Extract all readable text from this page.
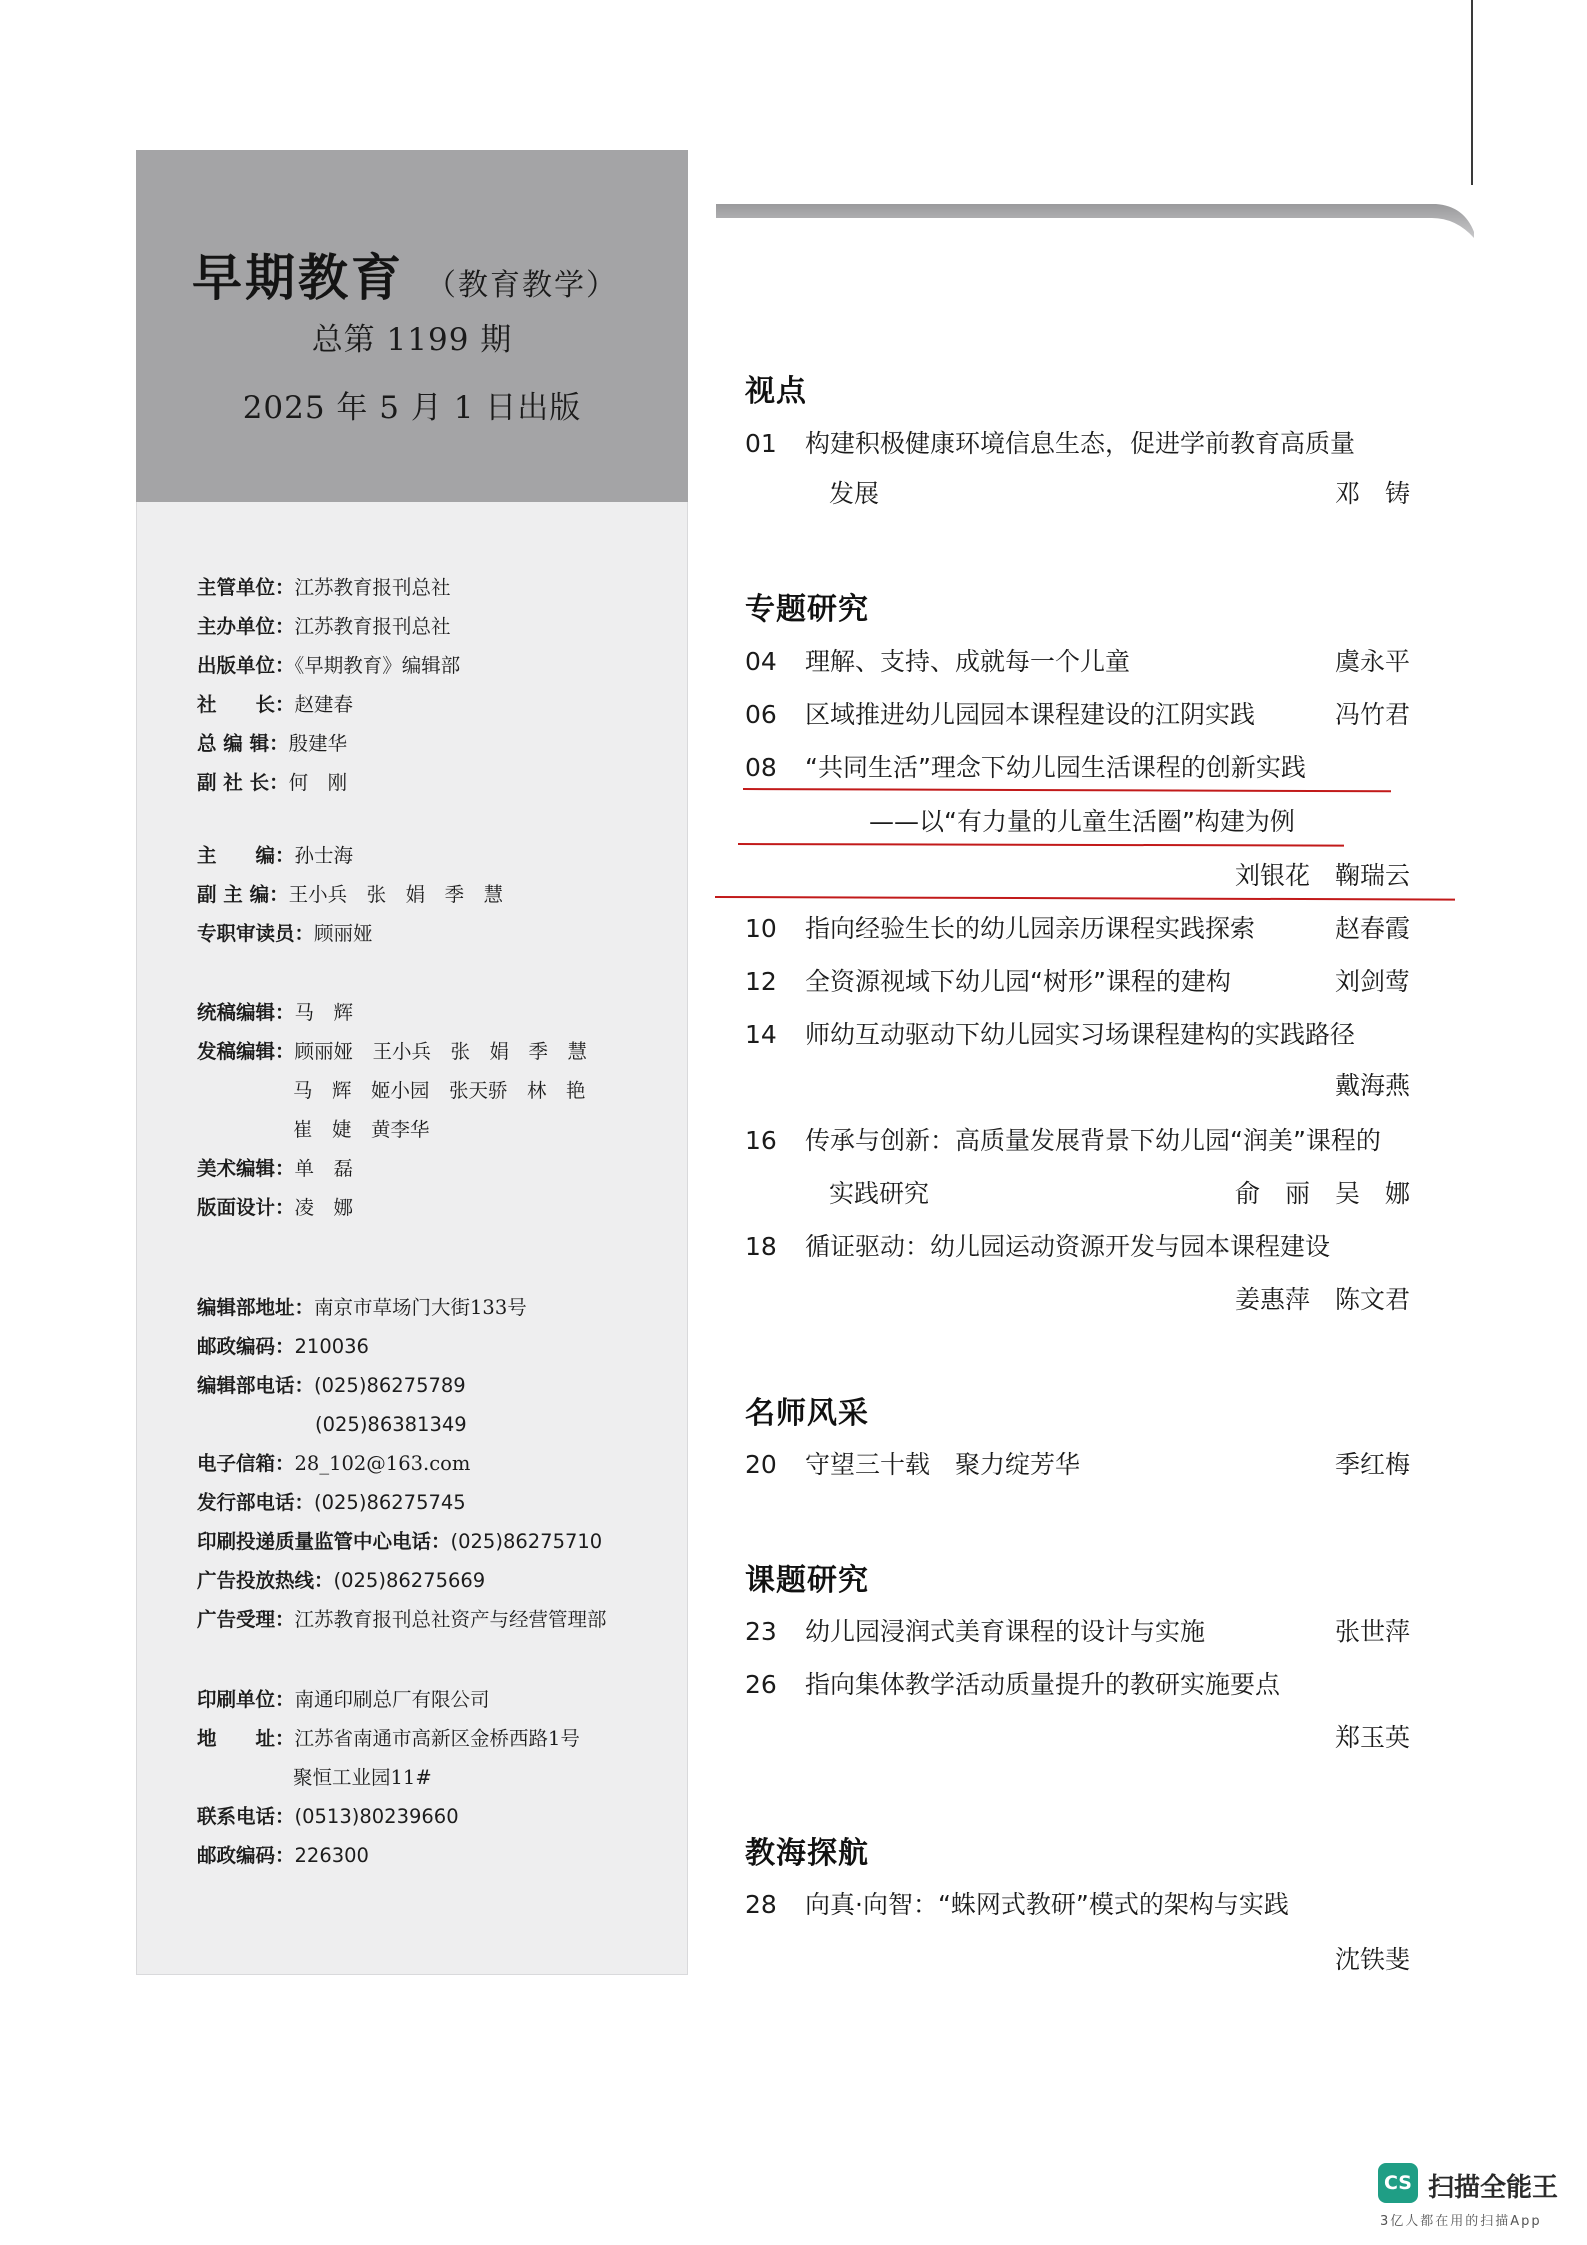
早期教育 （教育教学）
总第 1199 期
2025 年 5 月 1 日出版
主管单位：江苏教育报刊总社
主办单位：江苏教育报刊总社
出版单位：《早期教育》编辑部
社　　长：赵建春
总 编 辑：殷建华
副 社 长：何　刚
主　　编：孙士海
副 主 编：王小兵　张　娟　季　慧
专职审读员：顾丽娅
统稿编辑：马　辉
发稿编辑：顾丽娅　王小兵　张　娟　季　慧
马　辉　姬小园　张天骄　林　艳
崔　婕　黄李华
美术编辑：单　磊
版面设计：凌　娜
编辑部地址：南京市草场门大街133号
邮政编码：210036
编辑部电话：(025)86275789
(025)86381349
电子信箱：28_102@163.com
发行部电话：(025)86275745
印刷投递质量监管中心电话：(025)86275710
广告投放热线：(025)86275669
广告受理：江苏教育报刊总社资产与经营管理部
印刷单位：南通印刷总厂有限公司
地　　址：江苏省南通市高新区金桥西路1号
聚恒工业园11#
联系电话：(0513)80239660
邮政编码：226300
视点
01 构建积极健康环境信息生态，促进学前教育高质量
发展	邓　铸
专题研究
04 理解、支持、成就每一个儿童	虞永平
06 区域推进幼儿园园本课程建设的江阴实践	冯竹君
08 “共同生活”理念下幼儿园生活课程的创新实践
——以“有力量的儿童生活圈”构建为例
刘银花　鞠瑞云
10 指向经验生长的幼儿园亲历课程实践探索	赵春霞
12 全资源视域下幼儿园“树形”课程的建构	刘剑莺
14 师幼互动驱动下幼儿园实习场课程建构的实践路径
戴海燕
16 传承与创新：高质量发展背景下幼儿园“润美”课程的
实践研究	俞　丽　吴　娜
18 循证驱动：幼儿园运动资源开发与园本课程建设
姜惠萍　陈文君
名师风采
20 守望三十载　聚力绽芳华	季红梅
课题研究
23 幼儿园浸润式美育课程的设计与实施	张世萍
26 指向集体教学活动质量提升的教研实施要点
郑玉英
教海探航
28 向真·向智：“蛛网式教研”模式的架构与实践
沈铁斐
CS 扫描全能王
3亿人都在用的扫描App
